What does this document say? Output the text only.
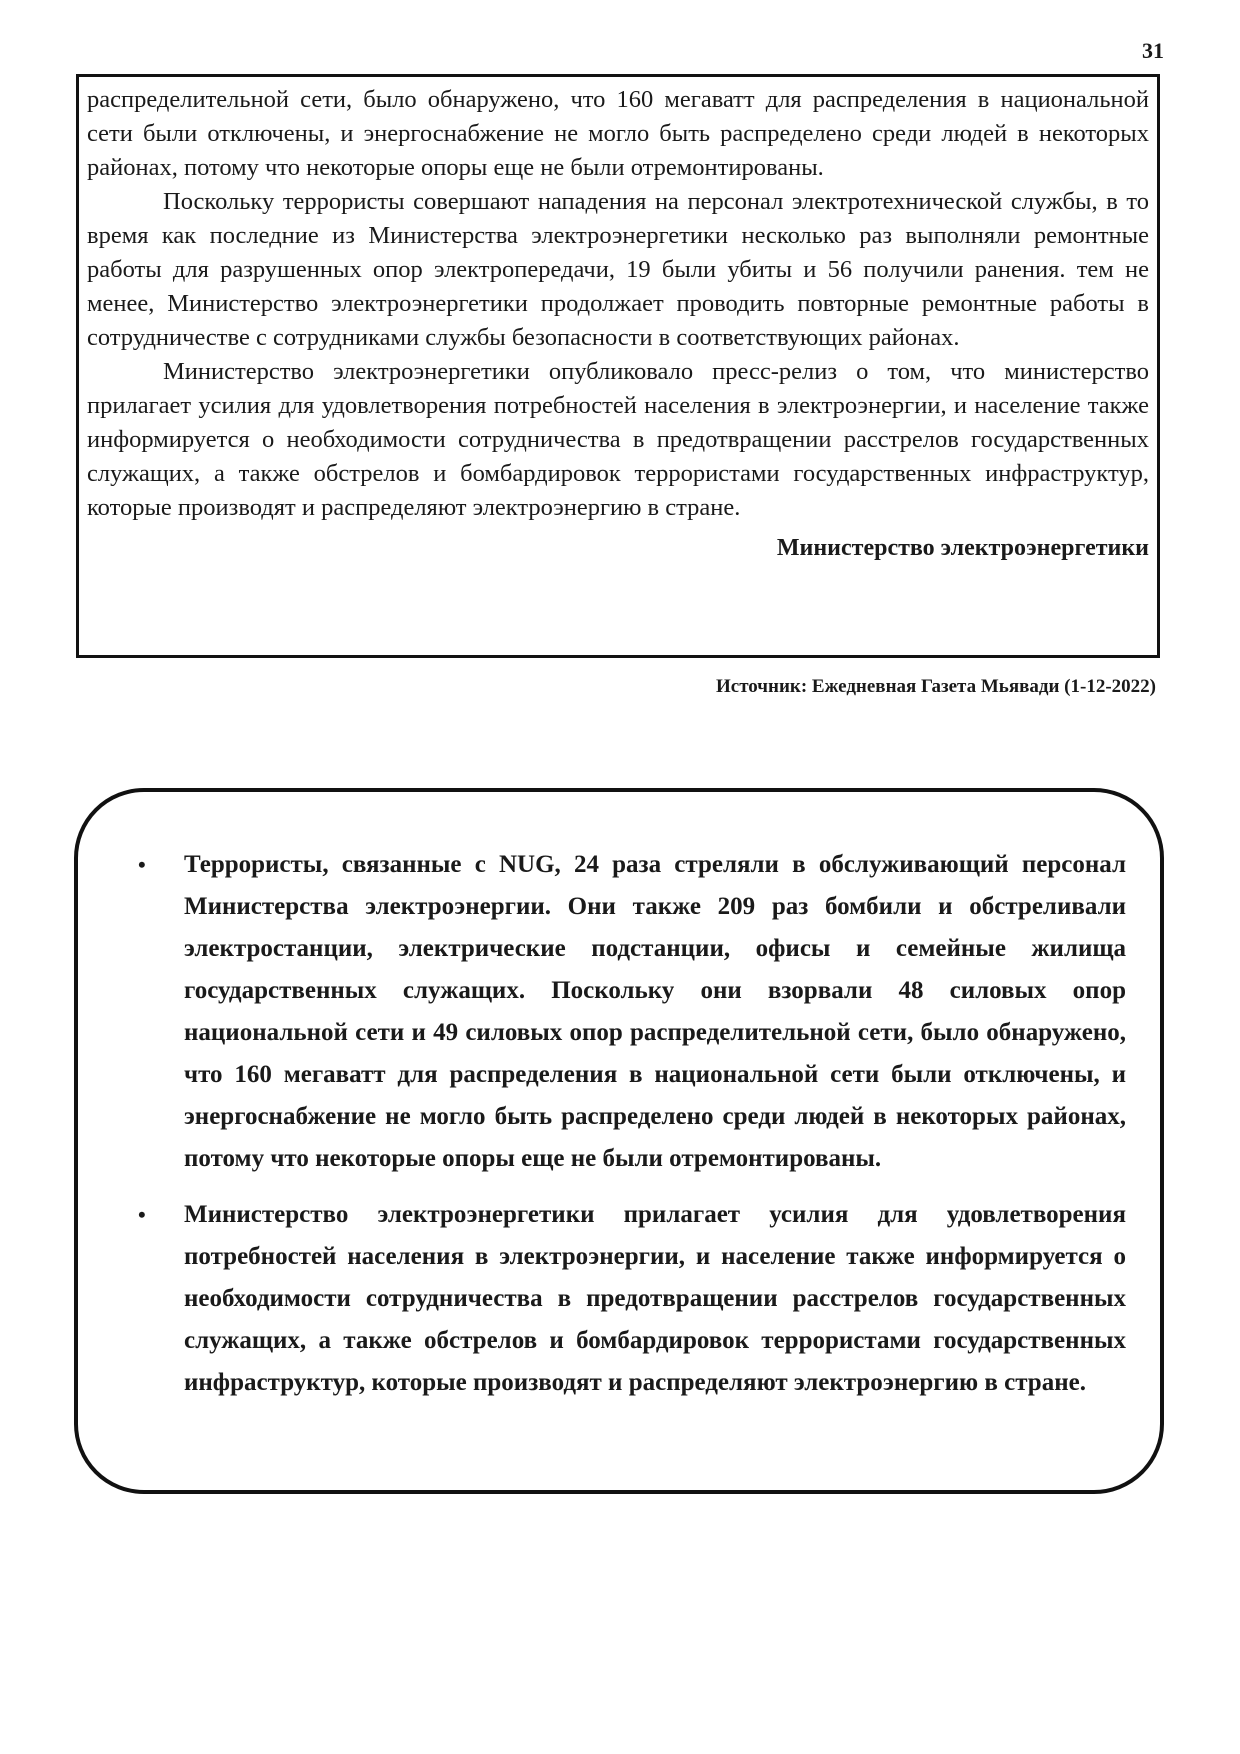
31

распределительной сети, было обнаружено, что 160 мегаватт для распределения в национальной сети были отключены, и энергоснабжение не могло быть распределено среди людей в некоторых районах, потому что некоторые опоры еще не были отремонтированы.

Поскольку террористы совершают нападения на персонал электротехнической службы, в то время как последние из Министерства электроэнергетики несколько раз выполняли ремонтные работы для разрушенных опор электропередачи, 19 были убиты и 56 получили ранения. тем не менее, Министерство электроэнергетики продолжает проводить повторные ремонтные работы в сотрудничестве с сотрудниками службы безопасности в соответствующих районах.

Министерство электроэнергетики опубликовало пресс-релиз о том, что министерство прилагает усилия для удовлетворения потребностей населения в электроэнергии, и население также информируется о необходимости сотрудничества в предотвращении расстрелов государственных служащих, а также обстрелов и бомбардировок террористами государственных инфраструктур, которые производят и распределяют электроэнергию в стране.

Министерство электроэнергетики
Источник: Ежедневная Газета Мьявади (1-12-2022)
• Террористы, связанные с NUG, 24 раза стреляли в обслуживающий персонал Министерства электроэнергии. Они также 209 раз бомбили и обстреливали электростанции, электрические подстанции, офисы и семейные жилища государственных служащих. Поскольку они взорвали 48 силовых опор национальной сети и 49 силовых опор распределительной сети, было обнаружено, что 160 мегаватт для распределения в национальной сети были отключены, и энергоснабжение не могло быть распределено среди людей в некоторых районах, потому что некоторые опоры еще не были отремонтированы.
• Министерство электроэнергетики прилагает усилия для удовлетворения потребностей населения в электроэнергии, и население также информируется о необходимости сотрудничества в предотвращении расстрелов государственных служащих, а также обстрелов и бомбардировок террористами государственных инфраструктур, которые производят и распределяют электроэнергию в стране.
